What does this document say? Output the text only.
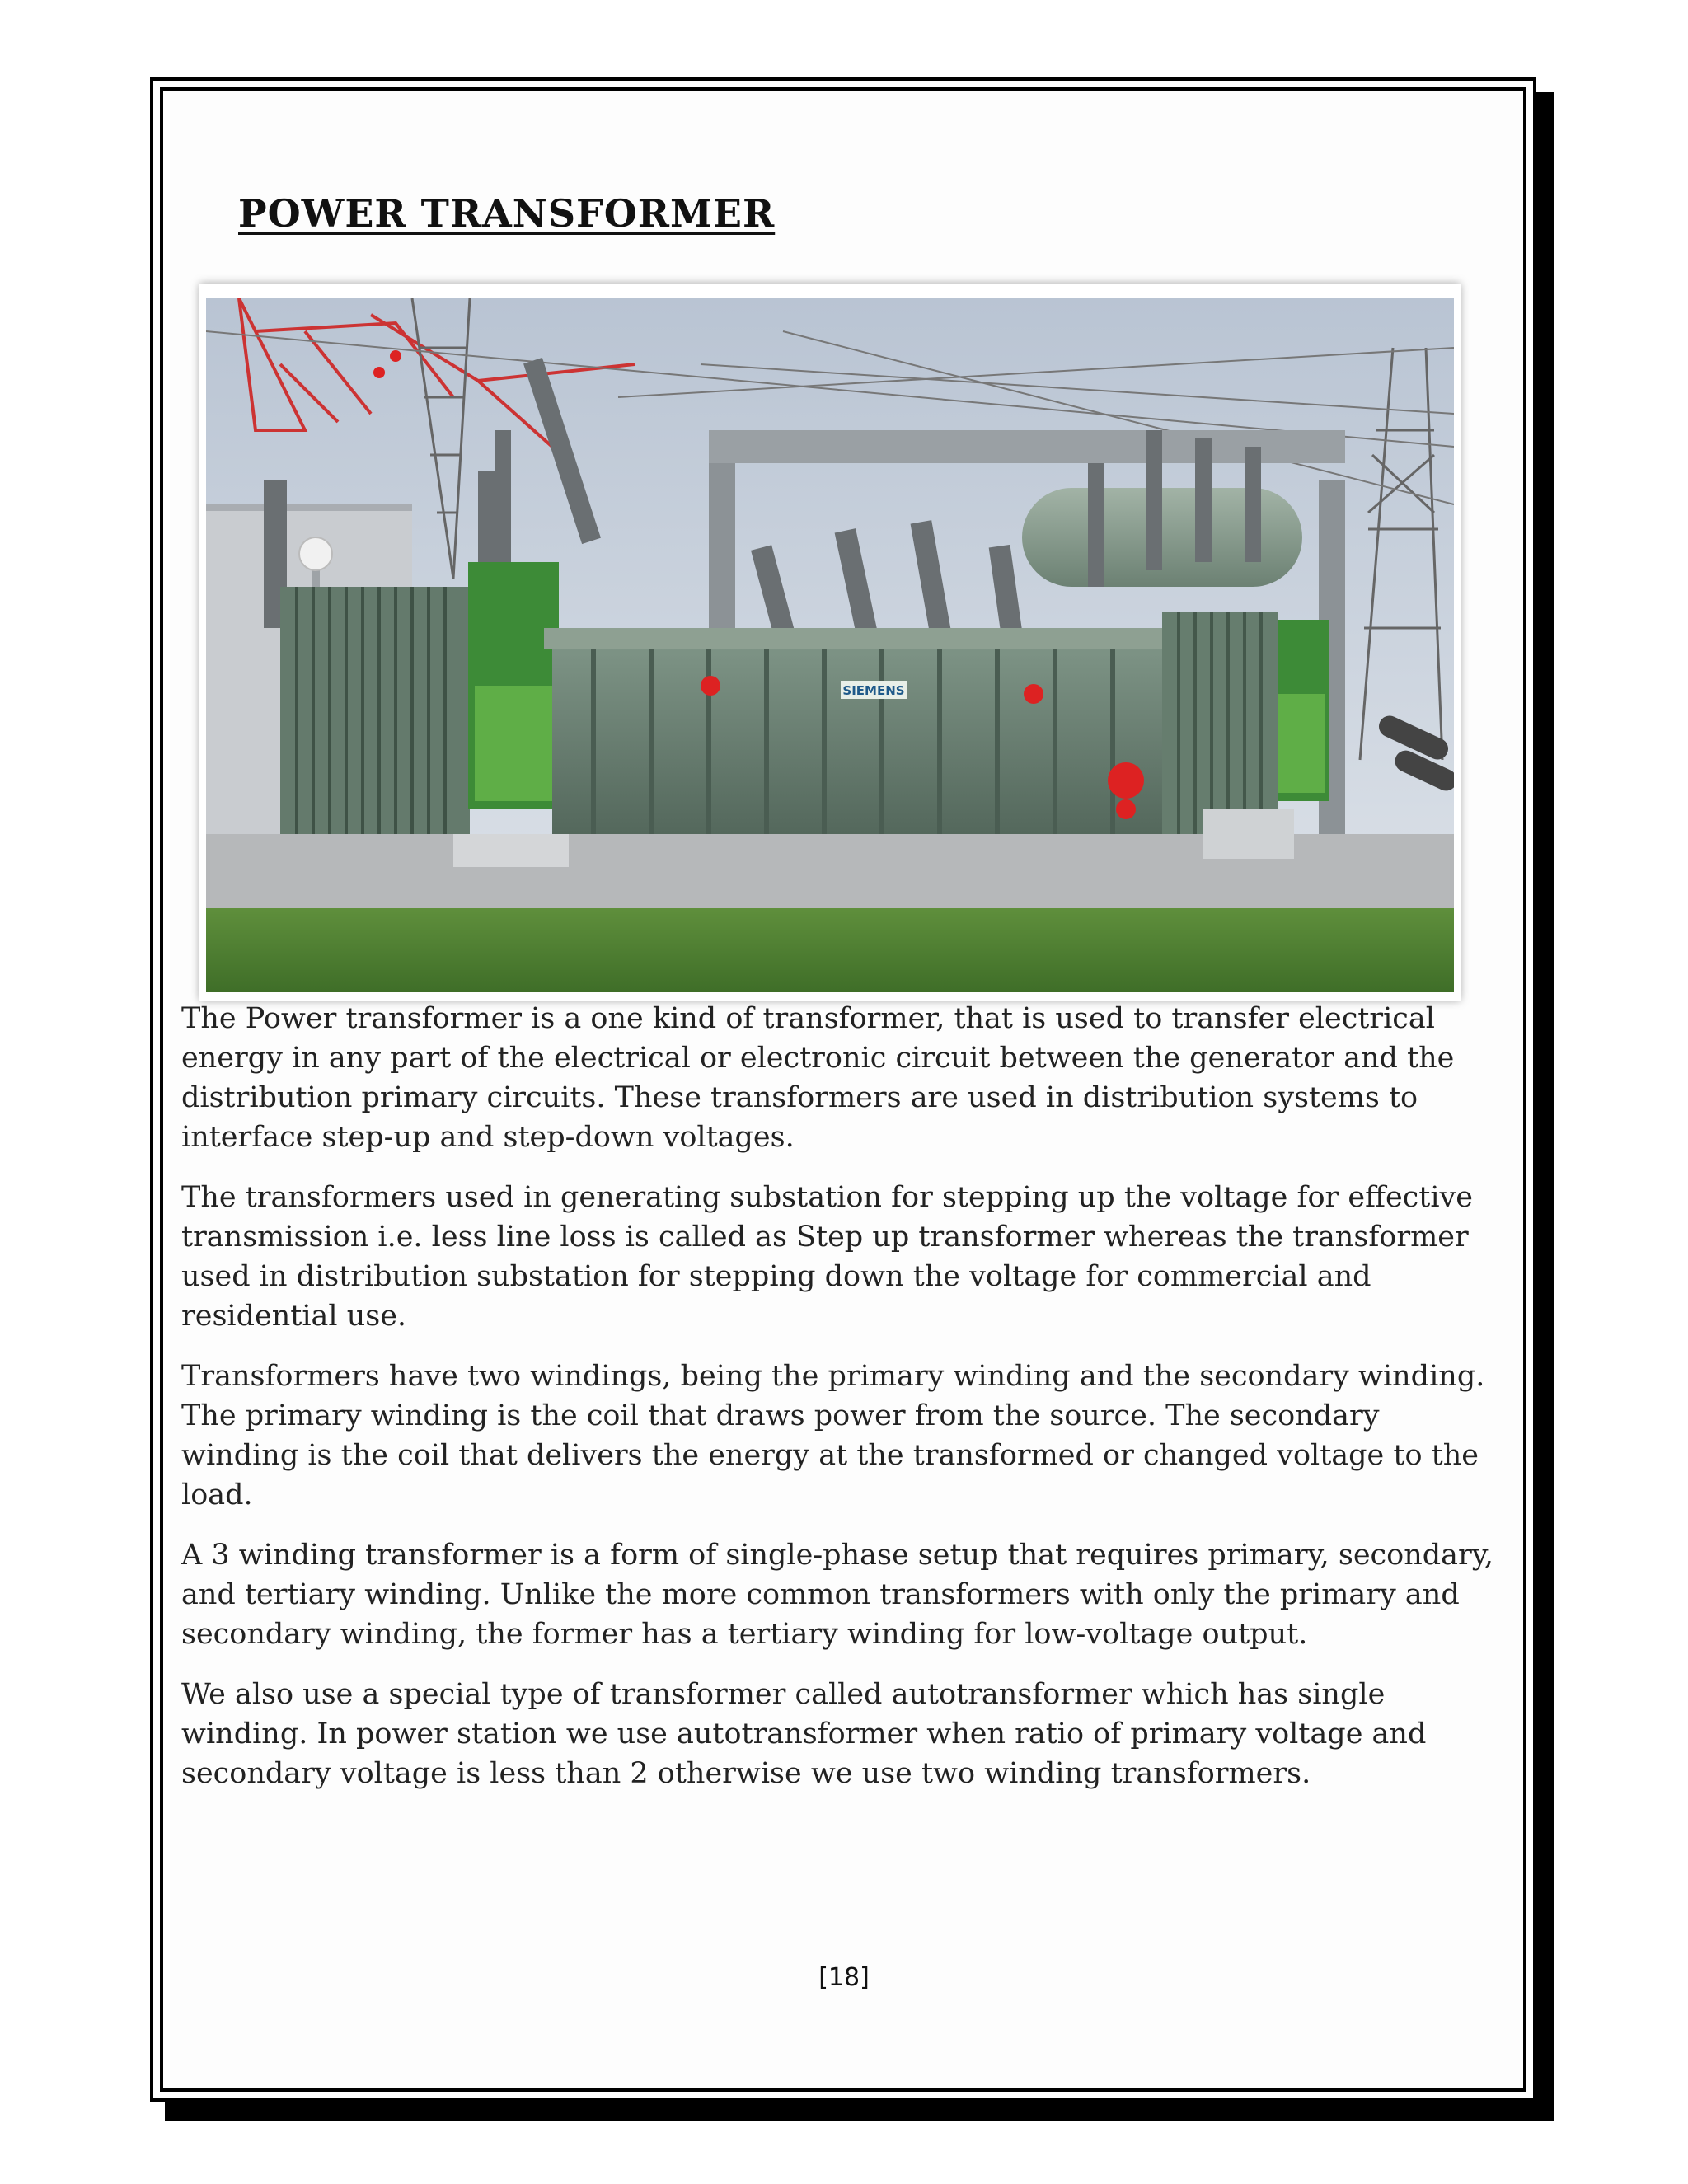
POWER TRANSFORMER
SIEMENS

The Power transformer is a one kind of transformer, that is used to transfer electrical energy in any part of the electrical or electronic circuit between the generator and the distribution primary circuits. These transformers are used in distribution systems to interface step-up and step-down voltages.

The transformers used in generating substation for stepping up the voltage for effective transmission i.e. less line loss is called as Step up transformer whereas the transformer used in distribution substation for stepping down the voltage for commercial and residential use.

Transformers have two windings, being the primary winding and the secondary winding. The primary winding is the coil that draws power from the source. The secondary winding is the coil that delivers the energy at the transformed or changed voltage to the load.

A 3 winding transformer is a form of single-phase setup that requires primary, secondary, and tertiary winding. Unlike the more common transformers with only the primary and secondary winding, the former has a tertiary winding for low-voltage output.

We also use a special type of transformer called autotransformer which has single winding. In power station we use autotransformer when ratio of primary voltage and secondary voltage is less than 2 otherwise we use two winding transformers.

[18]
